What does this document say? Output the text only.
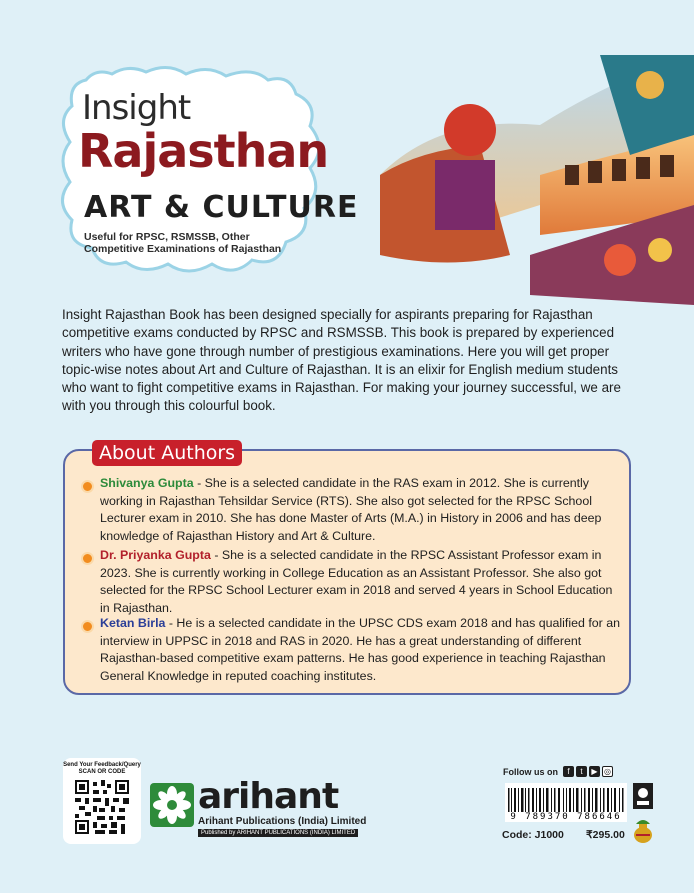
Insight
Rajasthan
ART & CULTURE
Useful for RPSC, RSMSSB, Other Competitive Examinations of Rajasthan
Insight Rajasthan Book has been designed specially for aspirants preparing for Rajasthan competitive exams conducted by RPSC and RSMSSB. This book is prepared by experienced writers who have gone through number of prestigious examinations. Here you will get proper topic-wise notes about Art and Culture of Rajasthan. It is an elixir for English medium students who want to fight competitive exams in Rajasthan. For making your journey successful, we are with you through this colourful book.
About Authors
Shivanya Gupta - She is a selected candidate in the RAS exam in 2012. She is currently working in Rajasthan Tehsildar Service (RTS). She also got selected for the RPSC School Lecturer exam in 2010. She has done Master of Arts (M.A.) in History in 2006 and has deep knowledge of Rajasthan History and Art & Culture.
Dr. Priyanka Gupta - She is a selected candidate in the RPSC Assistant Professor exam in 2023. She is currently working in College Education as an Assistant Professor. She also got selected for the RPSC School Lecturer exam in 2018 and served 4 years in School Education in Rajasthan.
Ketan Birla - He is a selected candidate in the UPSC CDS exam 2018 and has qualified for an interview in UPPSC in 2018 and RAS in 2020. He has a great understanding of different Rajasthan-based competitive exam patterns. He has good experience in teaching Rajasthan General Knowledge in reputed coaching institutes.
Send Your Feedback/Query
SCAN OR CODE
arihant
Arihant Publications (India) Limited
Published by ARIHANT PUBLICATIONS (INDIA) LIMITED
Follow us on	f	t	▶ ◎
9 789370 786646
Code: J1000 ₹295.00
